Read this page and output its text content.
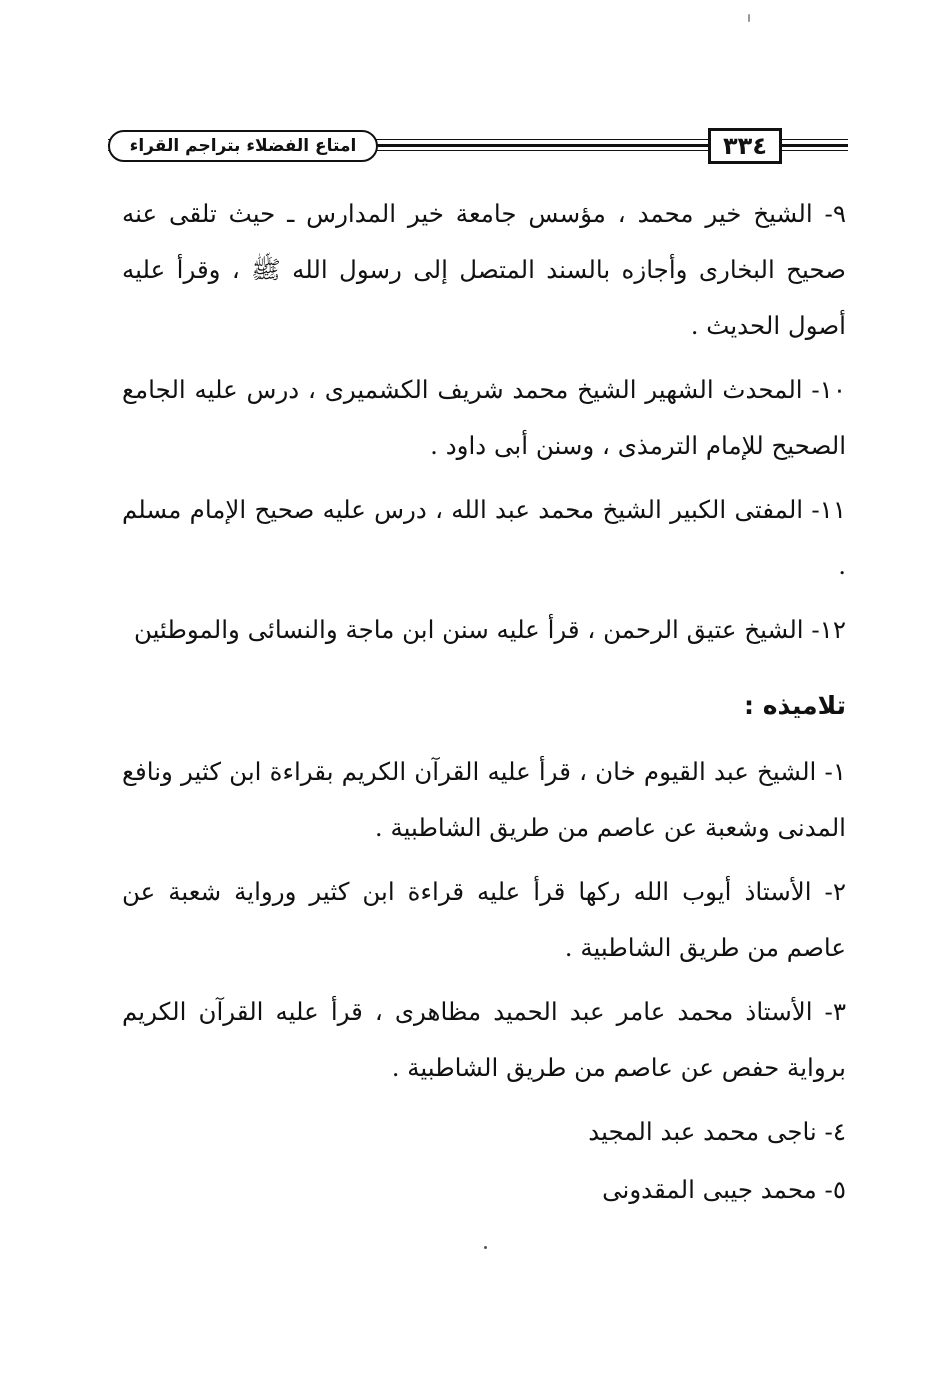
٣٣٤
امتاع الفضلاء بتراجم القراء

٩- الشيخ خير محمد ، مؤسس جامعة خير المدارس ـ حيث تلقى عنه صحيح البخارى وأجازه بالسند المتصل إلى رسول الله ﷺ ، وقرأ عليه أصول الحديث .

١٠- المحدث الشهير الشيخ محمد شريف الكشميرى ، درس عليه الجامع الصحيح للإمام الترمذى ، وسنن أبى داود .

١١- المفتى الكبير الشيخ محمد عبد الله ، درس عليه صحيح الإمام مسلم .

١٢- الشيخ عتيق الرحمن ، قرأ عليه سنن ابن ماجة والنسائى والموطئين

تلاميذه :

١- الشيخ عبد القيوم خان ، قرأ عليه القرآن الكريم بقراءة ابن كثير ونافع المدنى وشعبة عن عاصم من طريق الشاطبية .

٢- الأستاذ أيوب الله ركها قرأ عليه قراءة ابن كثير ورواية شعبة عن عاصم من طريق الشاطبية .

٣- الأستاذ محمد عامر عبد الحميد مظاهرى ، قرأ عليه القرآن الكريم برواية حفص عن عاصم من طريق الشاطبية .

٤- ناجى محمد عبد المجيد

٥- محمد جيبى المقدونى
